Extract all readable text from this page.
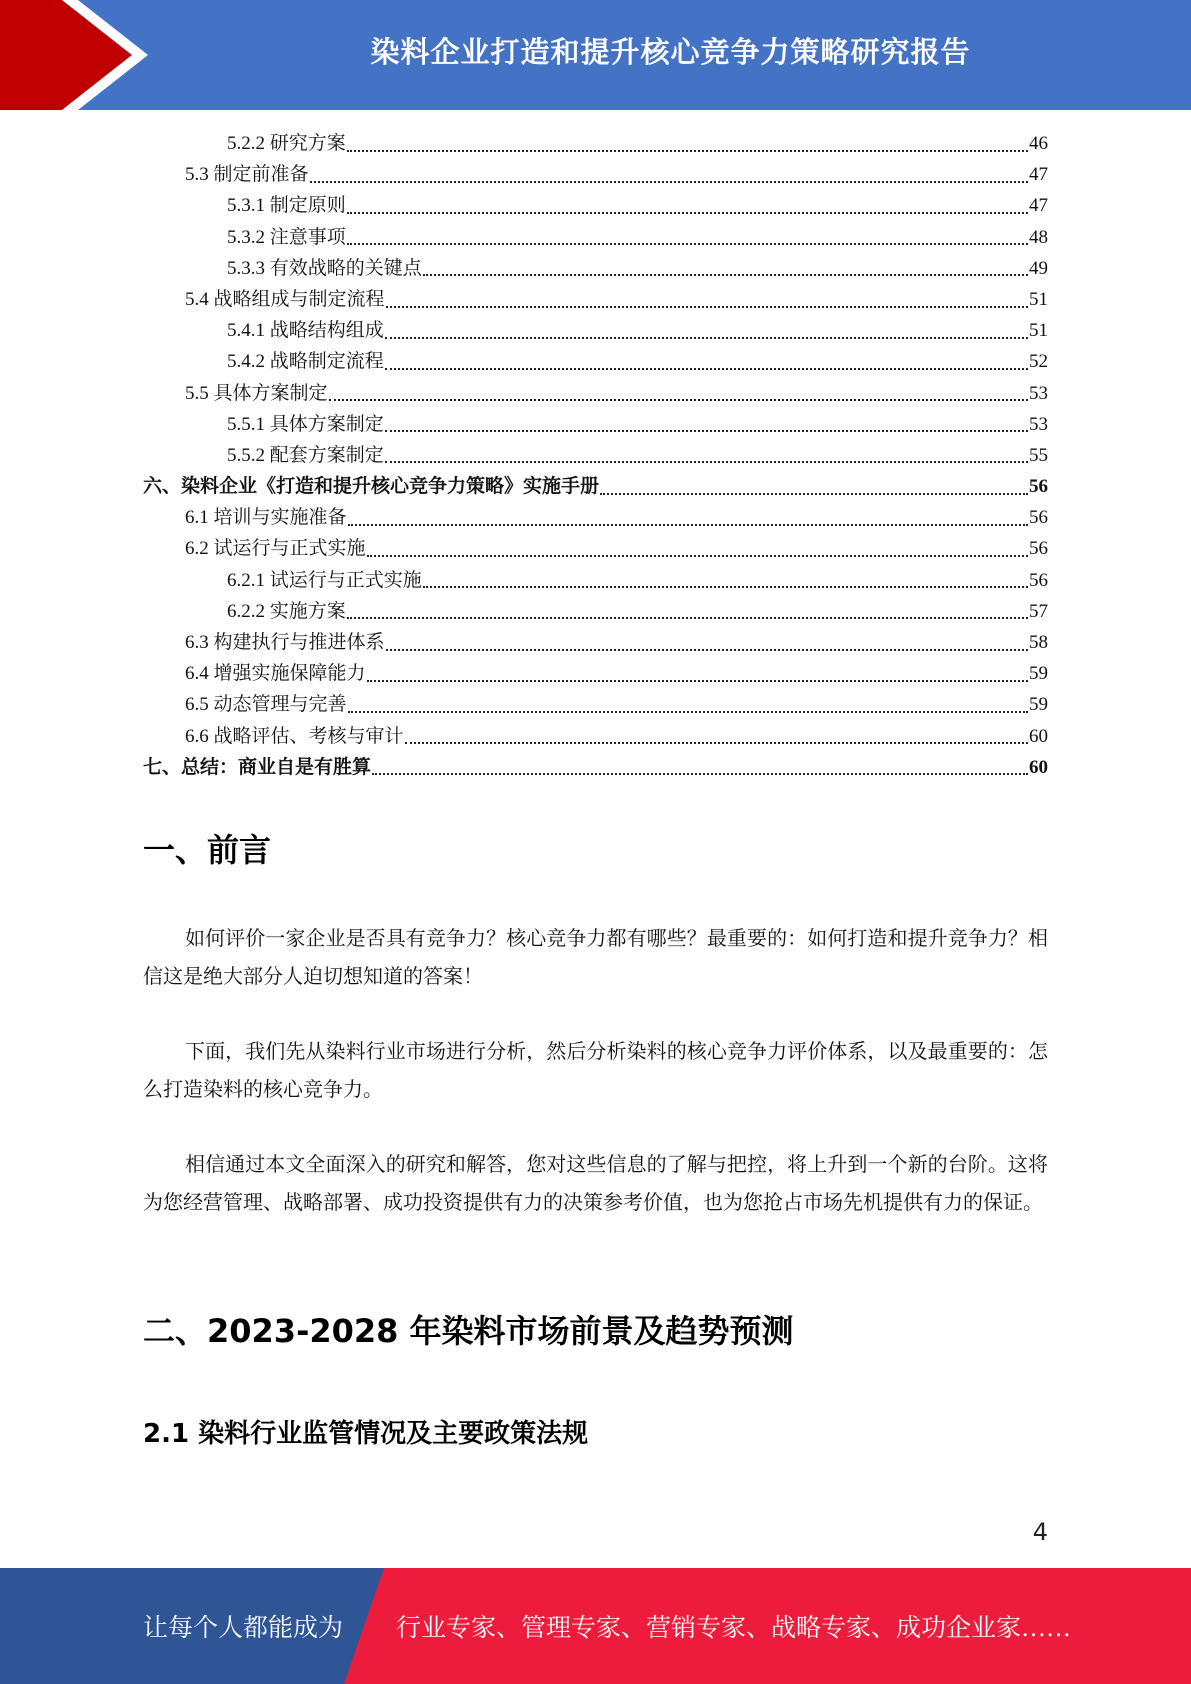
染料企业打造和提升核心竞争力策略研究报告
5.2.2 研究方案	46
5.3 制定前准备	47
5.3.1 制定原则	47
5.3.2 注意事项	48
5.3.3 有效战略的关键点	49
5.4 战略组成与制定流程	51
5.4.1 战略结构组成	51
5.4.2 战略制定流程	52
5.5 具体方案制定	53
5.5.1 具体方案制定	53
5.5.2 配套方案制定	55
六、染料企业《打造和提升核心竞争力策略》实施手册	56
6.1 培训与实施准备	56
6.2 试运行与正式实施	56
6.2.1 试运行与正式实施	56
6.2.2 实施方案	57
6.3 构建执行与推进体系	58
6.4 增强实施保障能力	59
6.5 动态管理与完善	59
6.6 战略评估、考核与审计	60
七、总结：商业自是有胜算	60
一、前言

如何评价一家企业是否具有竞争力？核心竞争力都有哪些？最重要的：如何打造和提升竞争力？相信这是绝大部分人迫切想知道的答案！

下面，我们先从染料行业市场进行分析，然后分析染料的核心竞争力评价体系，以及最重要的：怎么打造染料的核心竞争力。

相信通过本文全面深入的研究和解答，您对这些信息的了解与把控，将上升到一个新的台阶。这将为您经营管理、战略部署、成功投资提供有力的决策参考价值，也为您抢占市场先机提供有力的保证。

二、2023-2028 年染料市场前景及趋势预测
2.1 染料行业监管情况及主要政策法规
4
让每个人都能成为 行业专家、管理专家、营销专家、战略专家、成功企业家……
